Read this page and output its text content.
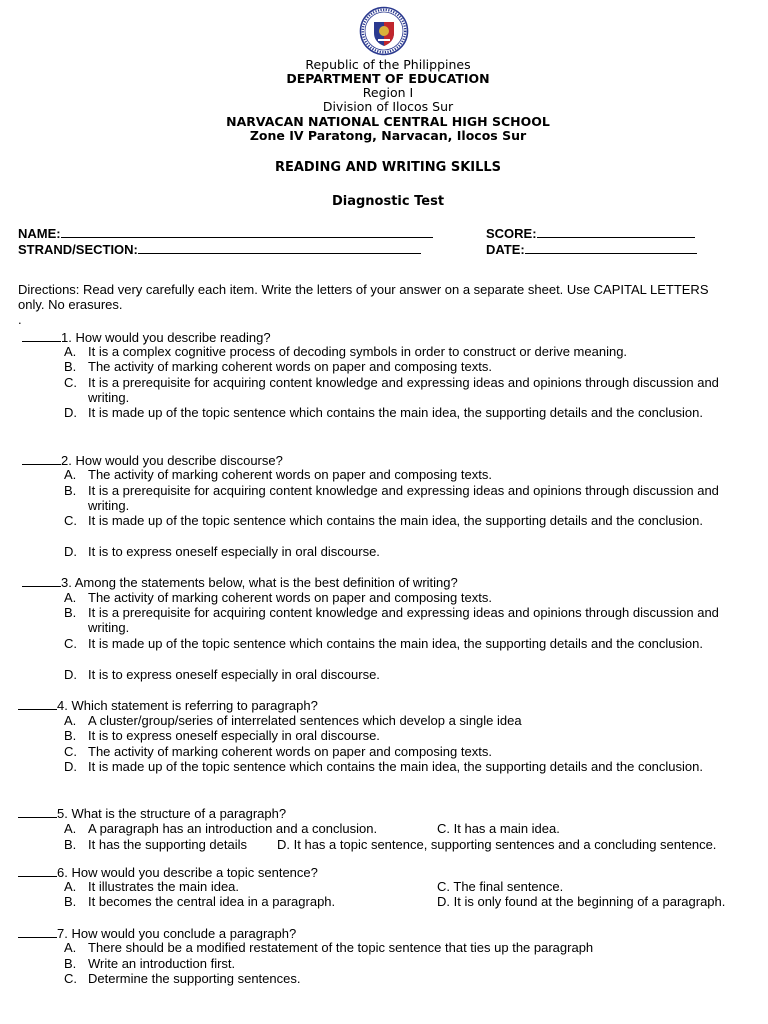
Republic of the Philippines
DEPARTMENT OF EDUCATION
Region I
Division of Ilocos Sur
NARVACAN NATIONAL CENTRAL HIGH SCHOOL
Zone IV Paratong, Narvacan, Ilocos Sur
READING AND WRITING SKILLS
Diagnostic Test
NAME:
STRAND/SECTION:
SCORE:
DATE:
Directions: Read very carefully each item. Write the letters of your answer on a separate sheet. Use CAPITAL LETTERS only. No erasures.
.
1. How would you describe reading?
A. It is a complex cognitive process of decoding symbols in order to construct or derive meaning.
B. The activity of marking coherent words on paper and composing texts.
C. It is a prerequisite for acquiring content knowledge and expressing ideas and opinions through discussion and writing.
D. It is made up of the topic sentence which contains the main idea, the supporting details and the conclusion.
2. How would you describe discourse?
A. The activity of marking coherent words on paper and composing texts.
B. It is a prerequisite for acquiring content knowledge and expressing ideas and opinions through discussion and writing.
C. It is made up of the topic sentence which contains the main idea, the supporting details and the conclusion.
D. It is to express oneself especially in oral discourse.
3. Among the statements below, what is the best definition of writing?
A. The activity of marking coherent words on paper and composing texts.
B. It is a prerequisite for acquiring content knowledge and expressing ideas and opinions through discussion and writing.
C. It is made up of the topic sentence which contains the main idea, the supporting details and the conclusion.
D. It is to express oneself especially in oral discourse.
4. Which statement is referring to paragraph?
A. A cluster/group/series of interrelated sentences which develop a single idea
B. It is to express oneself especially in oral discourse.
C. The activity of marking coherent words on paper and composing texts.
D. It is made up of the topic sentence which contains the main idea, the supporting details and the conclusion.
5. What is the structure of a paragraph?
A. A paragraph has an introduction and a conclusion.	C. It has a main idea.
B. It has the supporting details	D. It has a topic sentence, supporting sentences and a concluding sentence.
6. How would you describe a topic sentence?
A. It illustrates the main idea.	C. The final sentence.
B. It becomes the central idea in a paragraph.	D. It is only found at the beginning of a paragraph.
7. How would you conclude a paragraph?
A. There should be a modified restatement of the topic sentence that ties up the paragraph
B. Write an introduction first.
C. Determine the supporting sentences.
